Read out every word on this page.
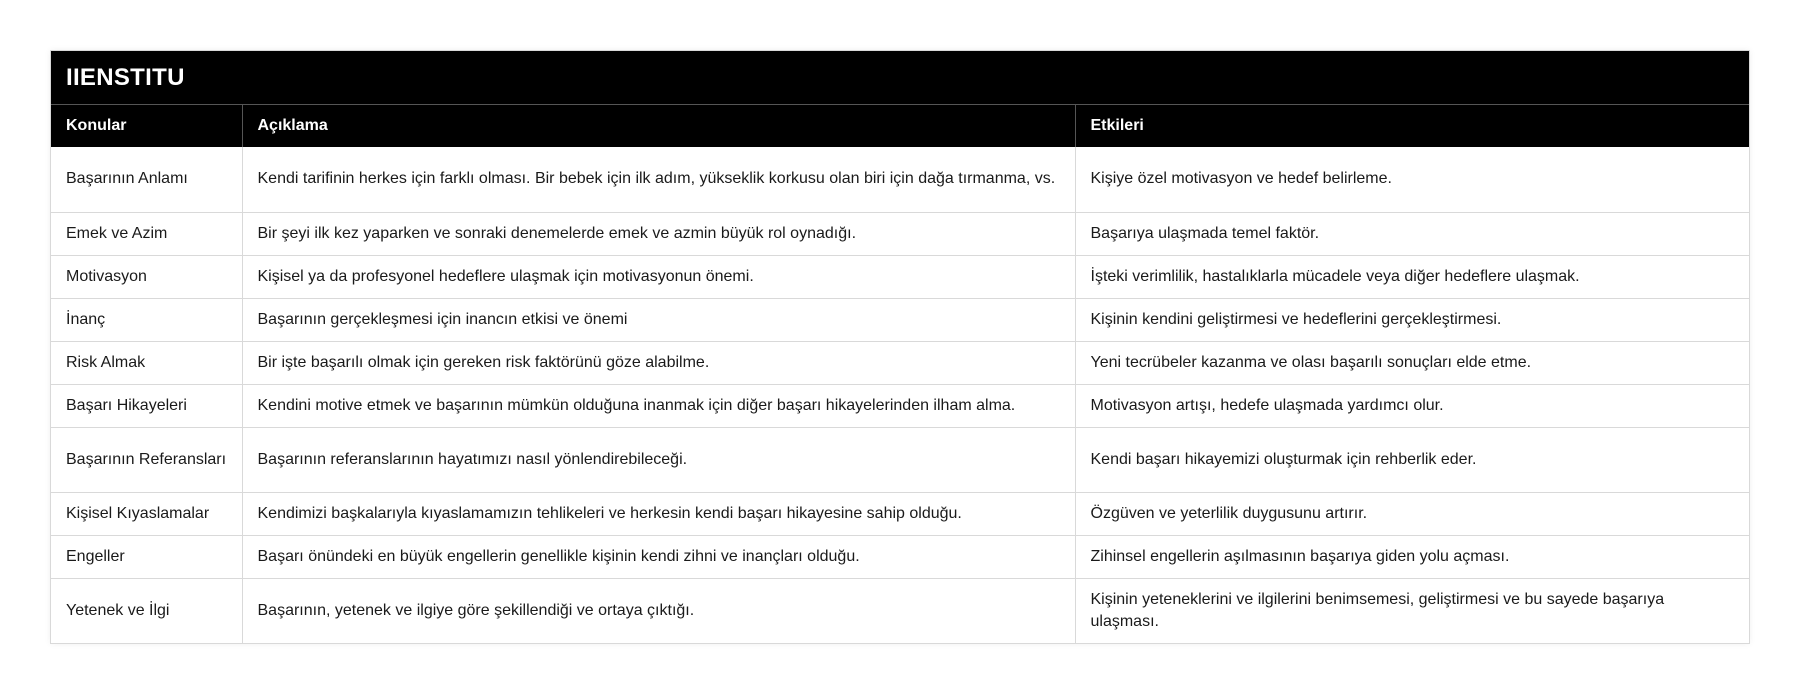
IIENSTITU
Konular	Açıklama	Etkileri
Başarının Anlamı	Kendi tarifinin herkes için farklı olması. Bir bebek için ilk adım, yükseklik korkusu olan biri için dağa tırmanma, vs.	Kişiye özel motivasyon ve hedef belirleme.
Emek ve Azim	Bir şeyi ilk kez yaparken ve sonraki denemelerde emek ve azmin büyük rol oynadığı.	Başarıya ulaşmada temel faktör.
Motivasyon	Kişisel ya da profesyonel hedeflere ulaşmak için motivasyonun önemi.	İşteki verimlilik, hastalıklarla mücadele veya diğer hedeflere ulaşmak.
İnanç	Başarının gerçekleşmesi için inancın etkisi ve önemi	Kişinin kendini geliştirmesi ve hedeflerini gerçekleştirmesi.
Risk Almak	Bir işte başarılı olmak için gereken risk faktörünü göze alabilme.	Yeni tecrübeler kazanma ve olası başarılı sonuçları elde etme.
Başarı Hikayeleri	Kendini motive etmek ve başarının mümkün olduğuna inanmak için diğer başarı hikayelerinden ilham alma.	Motivasyon artışı, hedefe ulaşmada yardımcı olur.
Başarının Referansları	Başarının referanslarının hayatımızı nasıl yönlendirebileceği.	Kendi başarı hikayemizi oluşturmak için rehberlik eder.
Kişisel Kıyaslamalar	Kendimizi başkalarıyla kıyaslamamızın tehlikeleri ve herkesin kendi başarı hikayesine sahip olduğu.	Özgüven ve yeterlilik duygusunu artırır.
Engeller	Başarı önündeki en büyük engellerin genellikle kişinin kendi zihni ve inançları olduğu.	Zihinsel engellerin aşılmasının başarıya giden yolu açması.
Yetenek ve İlgi	Başarının, yetenek ve ilgiye göre şekillendiği ve ortaya çıktığı.	Kişinin yeteneklerini ve ilgilerini benimsemesi, geliştirmesi ve bu sayede başarıya ulaşması.
